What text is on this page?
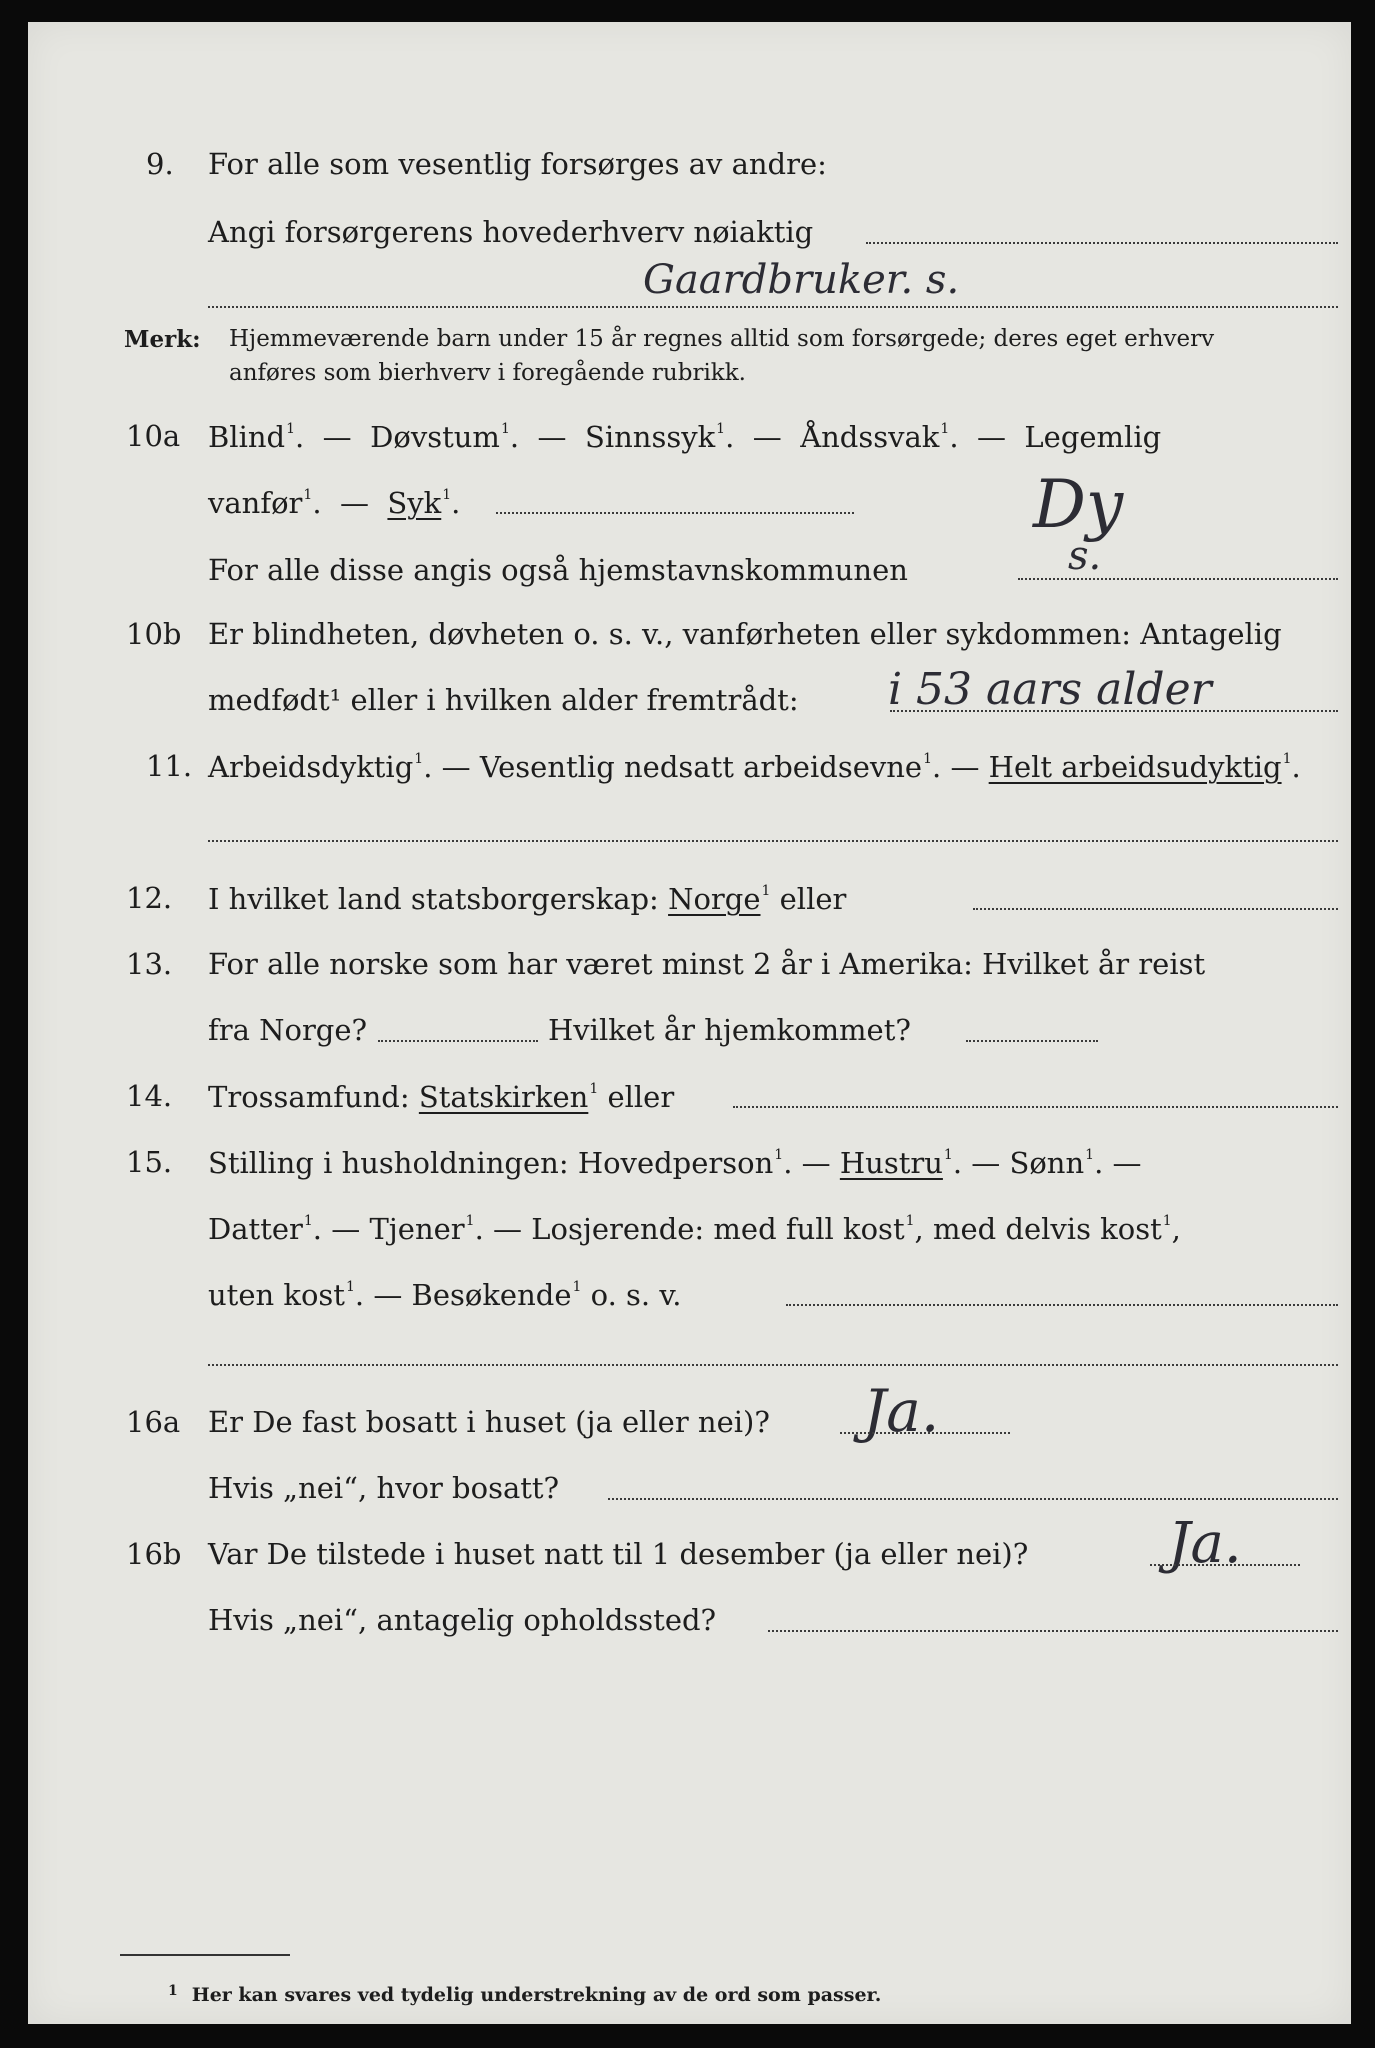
9. For alle som vesentlig forsørges av andre:
Angi forsørgerens hovederhverv nøiaktig
Gaardbruker. s.
Merk: Hjemmeværende barn under 15 år regnes alltid som forsørgede; deres eget erhverv
anføres som bierhverv i foregående rubrikk.
10a Blind$^1$.  —  Døvstum$^1$.  —  Sinnssyk$^1$.  —  Åndssvak$^1$.  —  Legemlig
vanfør$^1$.  —  Syk$^1$.	Dy
For alle disse angis også hjemstavnskommunen	s.
10b Er blindheten, døvheten o. s. v., vanførheten eller sykdommen: Antagelig
medfødt¹ eller i hvilken alder fremtrådt: i 53 aars alder
11. Arbeidsdyktig$^1$. — Vesentlig nedsatt arbeidsevne$^1$. — Helt arbeidsudyktig$^1$.
12. I hvilket land statsborgerskap: Norge$^1$ eller
13. For alle norske som har været minst 2 år i Amerika: Hvilket år reist
fra Norge?	Hvilket år hjemkommet?
14. Trossamfund: Statskirken$^1$ eller
15. Stilling i husholdningen: Hovedperson$^1$. — Hustru$^1$. — Sønn$^1$. —
Datter$^1$. — Tjener$^1$. — Losjerende: med full kost$^1$, med delvis kost$^1$,
uten kost$^1$. — Besøkende$^1$ o. s. v.
16a Er De fast bosatt i huset (ja eller nei)? Ja.
Hvis „nei“, hvor bosatt?
16b Var De tilstede i huset natt til 1 desember (ja eller nei)? Ja.
Hvis „nei“, antagelig opholdssted?
$^1$ Her kan svares ved tydelig understrekning av de ord som passer.
